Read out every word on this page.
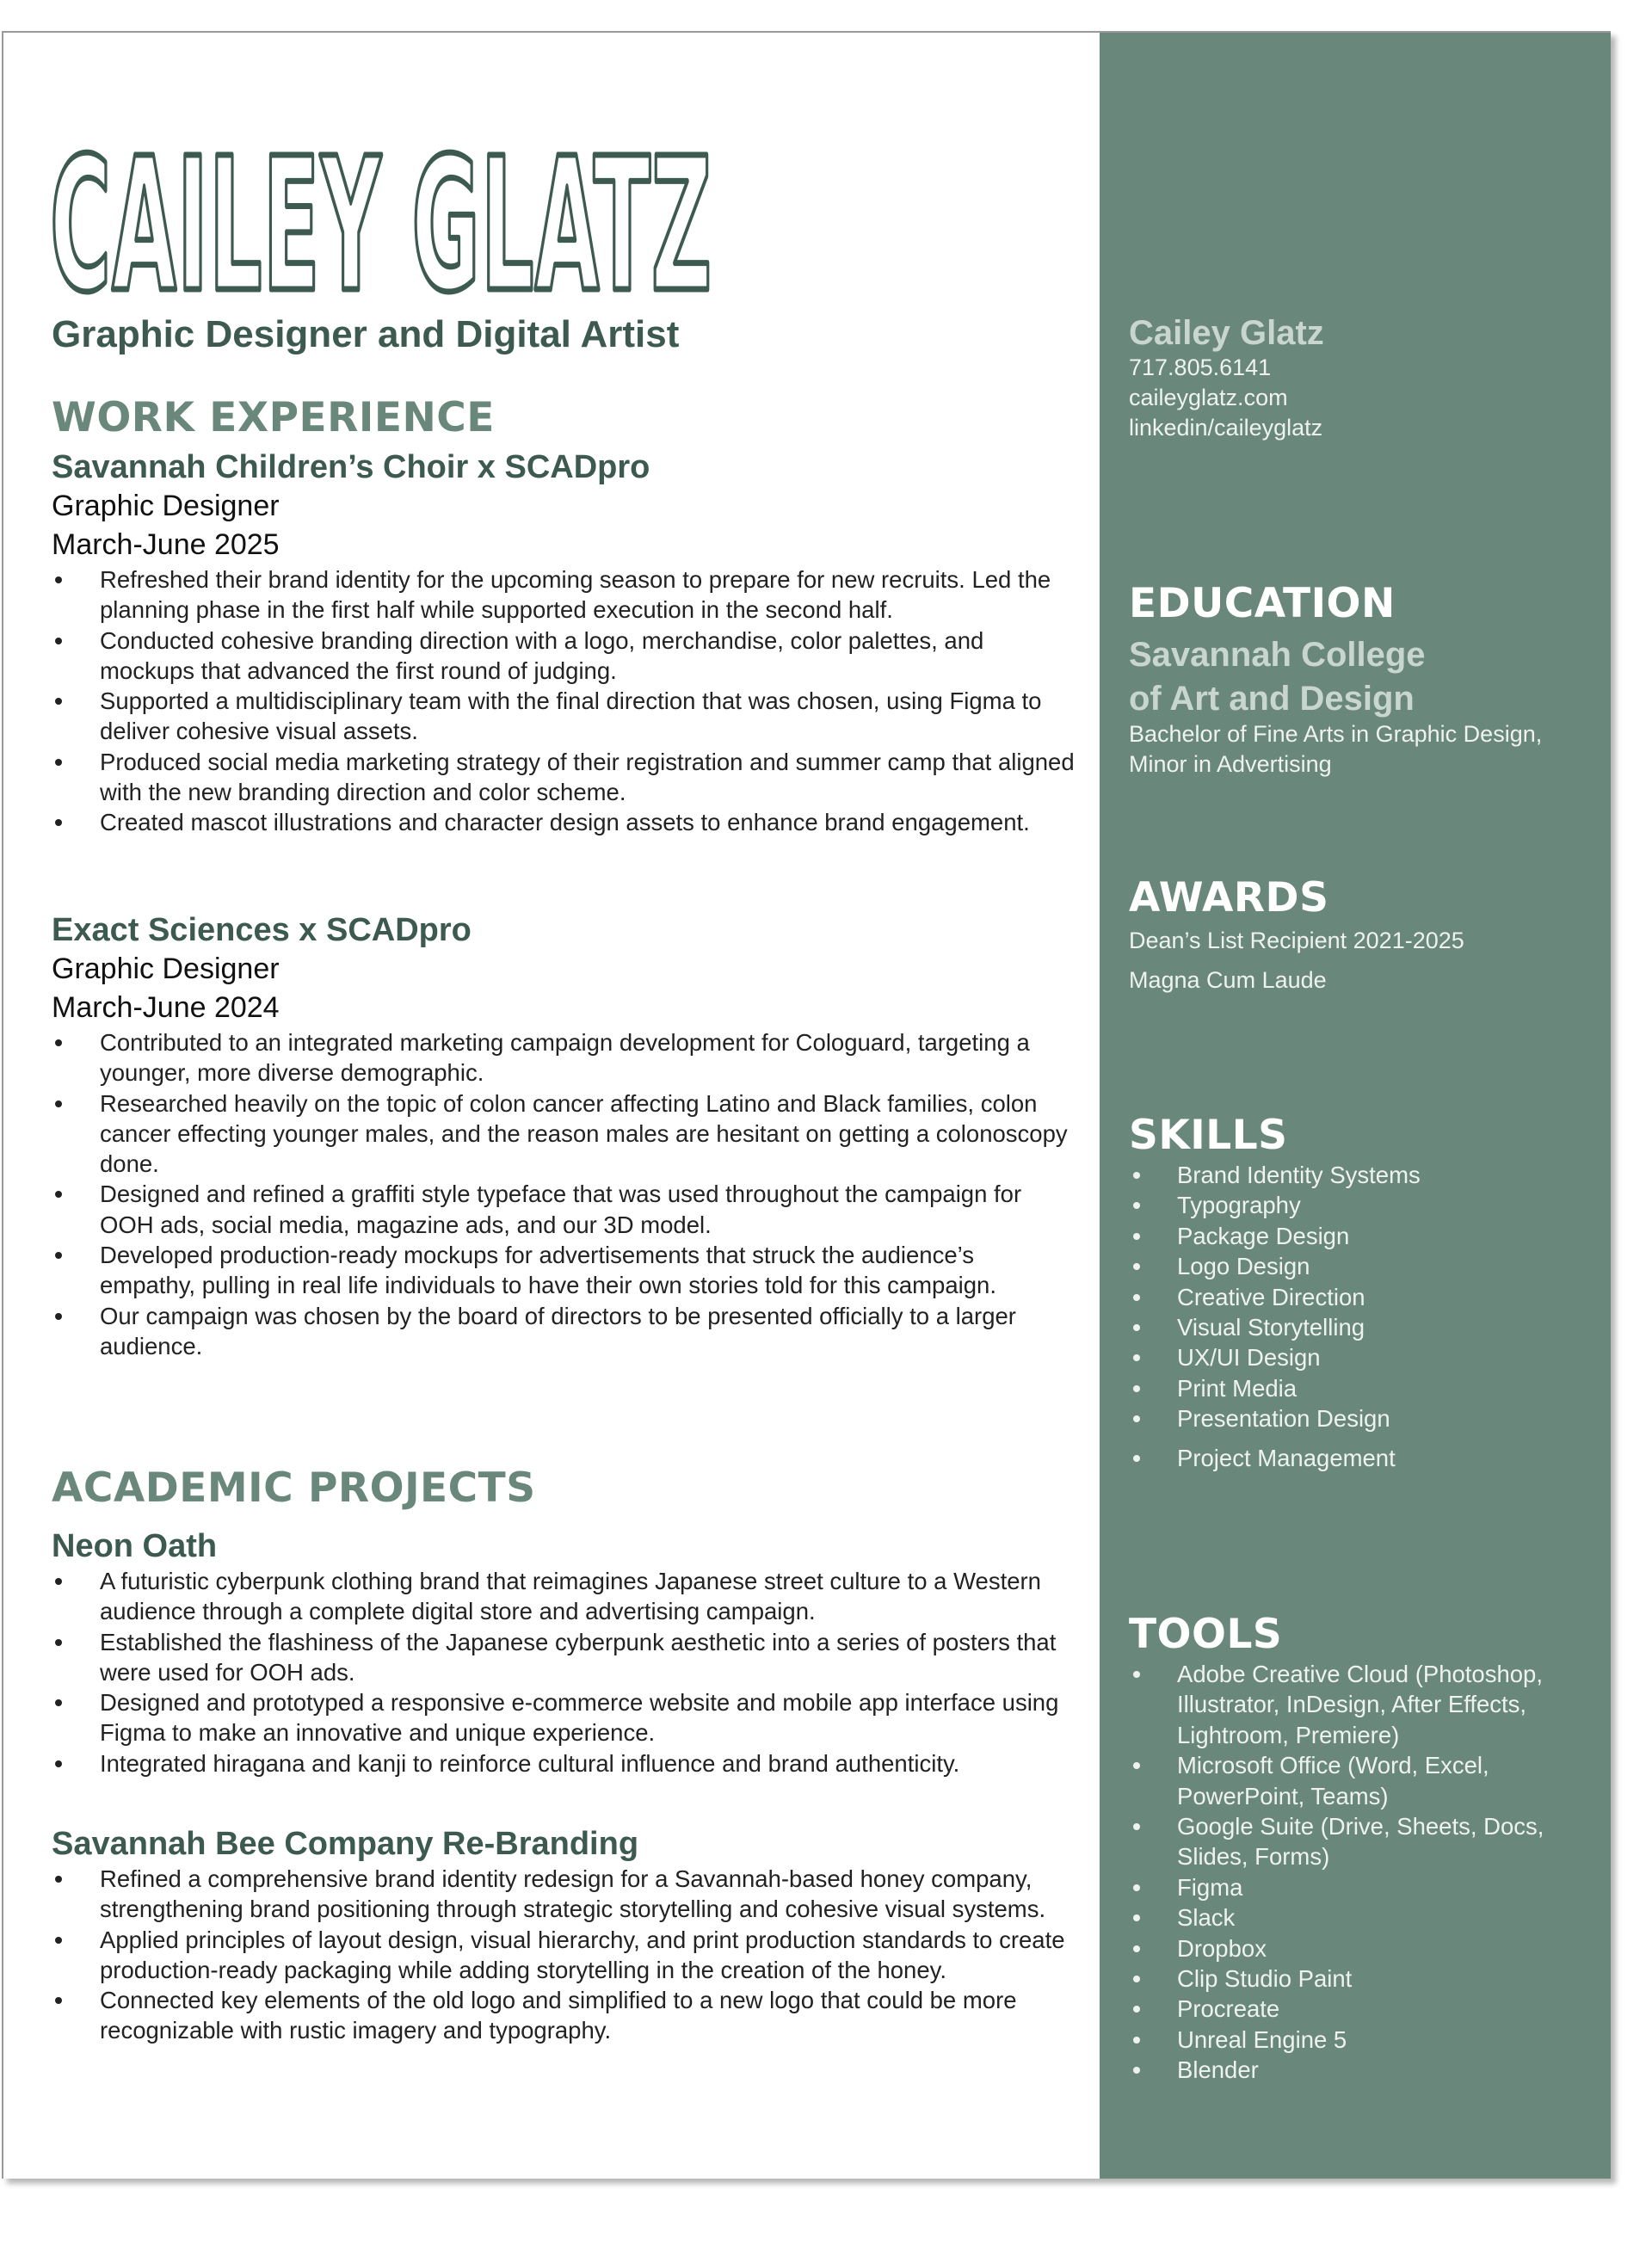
CAILEY GLATZ
Graphic Designer and Digital Artist
WORK EXPERIENCE
Savannah Children’s Choir x SCADpro
Graphic Designer
March-June 2025
Refreshed their brand identity for the upcoming season to prepare for new recruits. Led the planning phase in the first half while supported execution in the second half.
Conducted cohesive branding direction with a logo, merchandise, color palettes, and mockups that advanced the first round of judging.
Supported a multidisciplinary team with the final direction that was chosen, using Figma to deliver cohesive visual assets.
Produced social media marketing strategy of their registration and summer camp that aligned with the new branding direction and color scheme.
Created mascot illustrations and character design assets to enhance brand engagement.
Exact Sciences x SCADpro
Graphic Designer
March-June 2024
Contributed to an integrated marketing campaign development for Cologuard, targeting a younger, more diverse demographic.
Researched heavily on the topic of colon cancer affecting Latino and Black families, colon cancer effecting younger males, and the reason males are hesitant on getting a colonoscopy done.
Designed and refined a graffiti style typeface that was used throughout the campaign for OOH ads, social media, magazine ads, and our 3D model.
Developed production-ready mockups for advertisements that struck the audience’s empathy, pulling in real life individuals to have their own stories told for this campaign.
Our campaign was chosen by the board of directors to be presented officially to a larger audience.
ACADEMIC PROJECTS
Neon Oath
A futuristic cyberpunk clothing brand that reimagines Japanese street culture to a Western audience through a complete digital store and advertising campaign.
Established the flashiness of the Japanese cyberpunk aesthetic into a series of posters that were used for OOH ads.
Designed and prototyped a responsive e-commerce website and mobile app interface using Figma to make an innovative and unique experience.
Integrated hiragana and kanji to reinforce cultural influence and brand authenticity.
Savannah Bee Company Re-Branding
Refined a comprehensive brand identity redesign for a Savannah-based honey company, strengthening brand positioning through strategic storytelling and cohesive visual systems.
Applied principles of layout design, visual hierarchy, and print production standards to create production-ready packaging while adding storytelling in the creation of the honey.
Connected key elements of the old logo and simplified to a new logo that could be more recognizable with rustic imagery and typography.
Cailey Glatz
717.805.6141
caileyglatz.com
linkedin/caileyglatz
EDUCATION
Savannah College
of Art and Design
Bachelor of Fine Arts in Graphic Design, Minor in Advertising
AWARDS
Dean’s List Recipient 2021-2025
Magna Cum Laude
SKILLS
Brand Identity Systems
Typography
Package Design
Logo Design
Creative Direction
Visual Storytelling
UX/UI Design
Print Media
Presentation Design
Project Management
TOOLS
Adobe Creative Cloud (Photoshop, Illustrator, InDesign, After Effects, Lightroom, Premiere)
Microsoft Office (Word, Excel, PowerPoint, Teams)
Google Suite (Drive, Sheets, Docs, Slides, Forms)
Figma
Slack
Dropbox
Clip Studio Paint
Procreate
Unreal Engine 5
Blender
